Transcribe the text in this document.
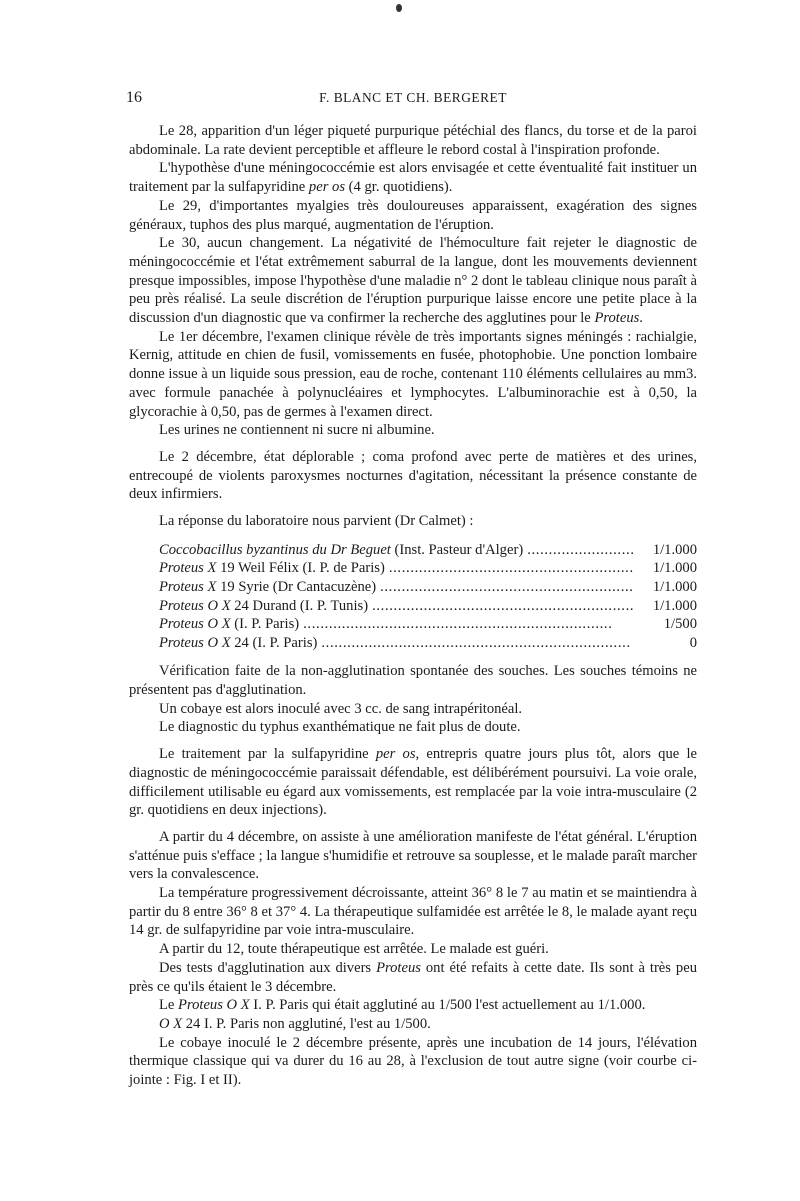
16	F. BLANC ET CH. BERGERET

Le 28, apparition d'un léger piqueté purpurique pétéchial des flancs, du torse et de la paroi abdominale. La rate devient perceptible et affleure le rebord costal à l'inspiration profonde.

L'hypothèse d'une méningococcémie est alors envisagée et cette éventualité fait instituer un traitement par la sulfapyridine per os (4 gr. quotidiens).

Le 29, d'importantes myalgies très douloureuses apparaissent, exagération des signes généraux, tuphos des plus marqué, augmentation de l'éruption.

Le 30, aucun changement. La négativité de l'hémoculture fait rejeter le diagnostic de méningococcémie et l'état extrêmement saburral de la langue, dont les mouvements deviennent presque impossibles, impose l'hypothèse d'une maladie n° 2 dont le tableau clinique nous paraît à peu près réalisé. La seule discrétion de l'éruption purpurique laisse encore une petite place à la discussion d'un diagnostic que va confirmer la recherche des agglutines pour le Proteus.

Le 1er décembre, l'examen clinique révèle de très importants signes méningés : rachialgie, Kernig, attitude en chien de fusil, vomissements en fusée, photophobie. Une ponction lombaire donne issue à un liquide sous pression, eau de roche, contenant 110 éléments cellulaires au mm3. avec formule panachée à polynucléaires et lymphocytes. L'albuminorachie est à 0,50, la glycorachie à 0,50, pas de germes à l'examen direct.

Les urines ne contiennent ni sucre ni albumine.

Le 2 décembre, état déplorable ; coma profond avec perte de matières et des urines, entrecoupé de violents paroxysmes nocturnes d'agitation, nécessitant la présence constante de deux infirmiers.

La réponse du laboratoire nous parvient (Dr Calmet) :

Coccobacillus byzantinus du Dr Beguet (Inst. Pasteur d'Alger) . . .	1/1.000
Proteus X 19 Weil Félix (I. P. de Paris) . . .	1/1.000
Proteus X 19 Syrie (Dr Cantacuzène) . . .	1/1.000
Proteus O X 24 Durand (I. P. Tunis) . . .	1/1.000
Proteus O X (I. P. Paris) . . .	1/500
Proteus O X 24 (I. P. Paris) . . .	0

Vérification faite de la non-agglutination spontanée des souches. Les souches témoins ne présentent pas d'agglutination.

Un cobaye est alors inoculé avec 3 cc. de sang intrapéritonéal.

Le diagnostic du typhus exanthématique ne fait plus de doute.

Le traitement par la sulfapyridine per os, entrepris quatre jours plus tôt, alors que le diagnostic de méningococcémie paraissait défendable, est délibérément poursuivi. La voie orale, difficilement utilisable eu égard aux vomissements, est remplacée par la voie intra-musculaire (2 gr. quotidiens en deux injections).

A partir du 4 décembre, on assiste à une amélioration manifeste de l'état général. L'éruption s'atténue puis s'efface ; la langue s'humidifie et retrouve sa souplesse, et le malade paraît marcher vers la convalescence.

La température progressivement décroissante, atteint 36° 8 le 7 au matin et se maintiendra à partir du 8 entre 36° 8 et 37° 4. La thérapeutique sulfamidée est arrêtée le 8, le malade ayant reçu 14 gr. de sulfapyridine par voie intra-musculaire.

A partir du 12, toute thérapeutique est arrêtée. Le malade est guéri.

Des tests d'agglutination aux divers Proteus ont été refaits à cette date. Ils sont à très peu près ce qu'ils étaient le 3 décembre.

Le Proteus O X I. P. Paris qui était agglutiné au 1/500 l'est actuellement au 1/1.000.

O X 24 I. P. Paris non agglutiné, l'est au 1/500.

Le cobaye inoculé le 2 décembre présente, après une incubation de 14 jours, l'élévation thermique classique qui va durer du 16 au 28, à l'exclusion de tout autre signe (voir courbe ci-jointe : Fig. I et II).
